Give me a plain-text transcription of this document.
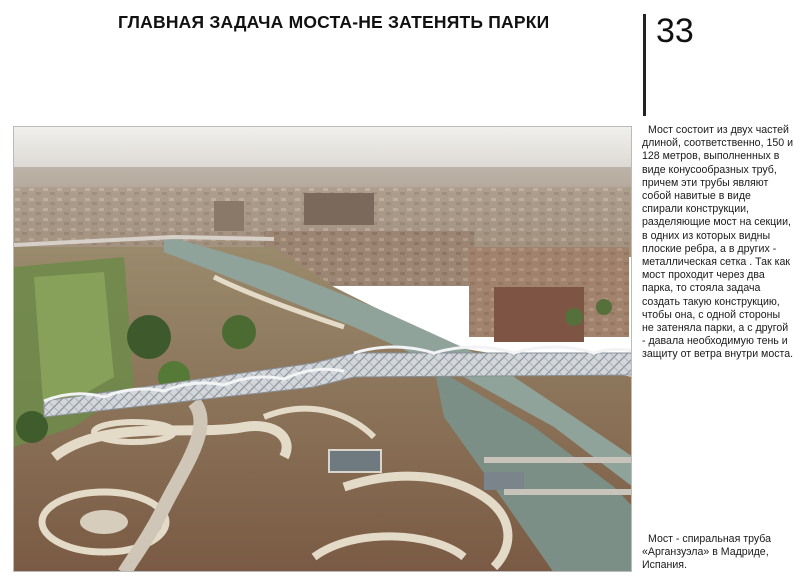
ГЛАВНАЯ ЗАДАЧА МОСТА-НЕ ЗАТЕНЯТЬ ПАРКИ	33
Мост состоит из двух частей длиной, соответственно, 150 и 128 метров, выполненных в виде конусообразных труб, причем эти трубы являют собой навитые в виде спирали конструкции, разделяющие мост на секции, в одних из которых видны плоские ребра, а в других - металлическая сетка . Так как мост проходит через два парка, то стояла задача создать такую конструкцию, чтобы она, с одной стороны не затеняла парки, а с другой - давала необходимую тень и защиту от ветра внутри моста.
Мост - спиральная труба «Арганзуэла» в Мадриде, Испания.
